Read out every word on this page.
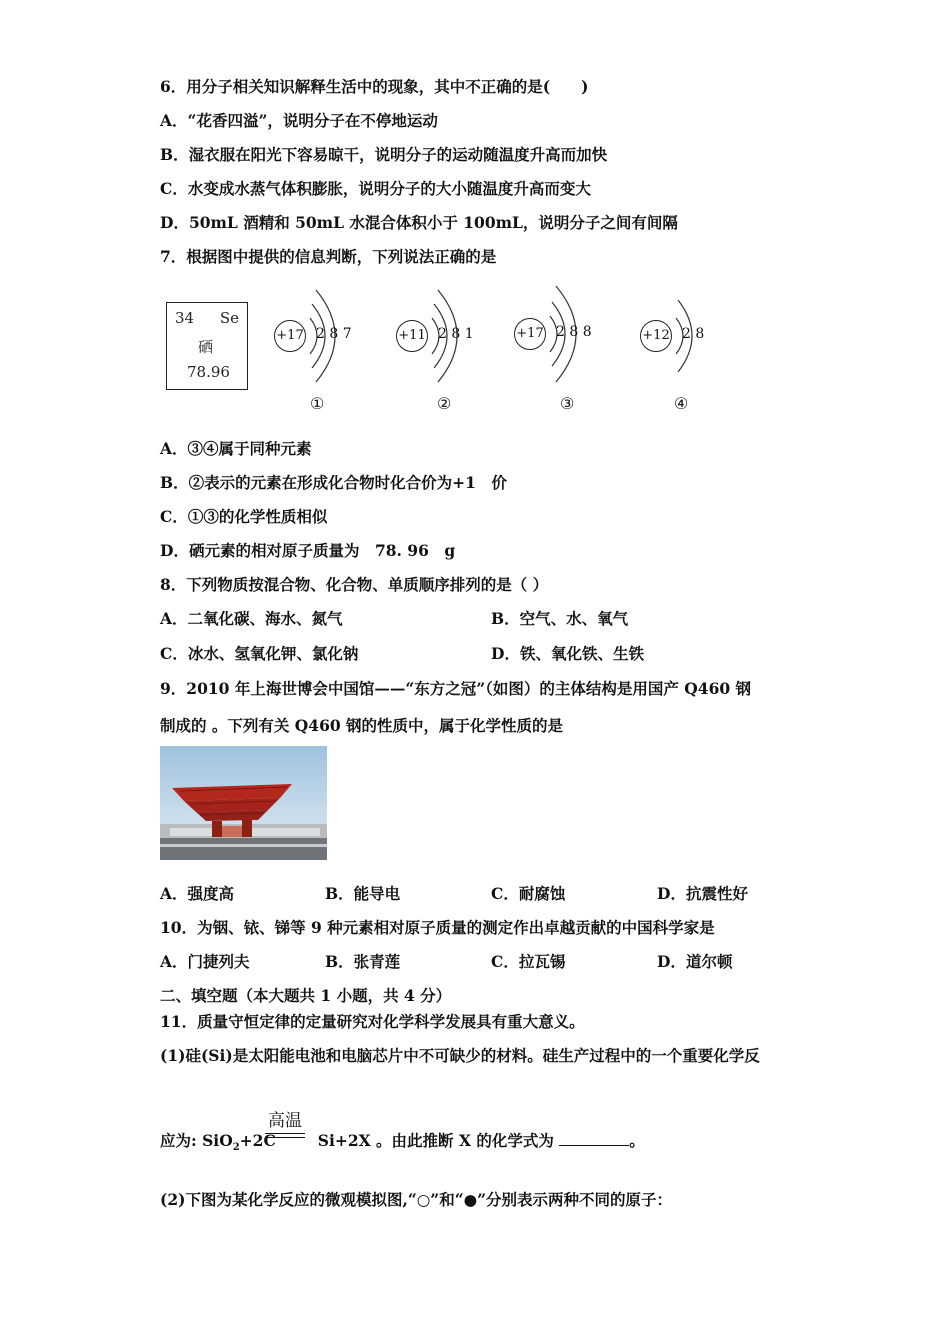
6．用分子相关知识解释生活中的现象，其中不正确的是(　　)
A．“花香四溢”，说明分子在不停地运动
B．湿衣服在阳光下容易晾干，说明分子的运动随温度升高而加快
C．水变成水蒸气体积膨胀，说明分子的大小随温度升高而变大
D．50mL 酒精和 50mL 水混合体积小于 100mL，说明分子之间有间隔
7．根据图中提供的信息判断，下列说法正确的是
34 Se
硒
78.96
+17 2 8 7
①
+11 2 8 1
②
+17 2 8 8
③
+12 2 8
④
A．③④属于同种元素
B．②表示的元素在形成化合物时化合价为+1　价
C．①③的化学性质相似
D．硒元素的相对原子质量为　78. 96　g
8．下列物质按混合物、化合物、单质顺序排列的是（ ）
A．二氧化碳、海水、氮气	B．空气、水、氧气
C．冰水、氢氧化钾、氯化钠	D．铁、氧化铁、生铁
9．2010 年上海世博会中国馆——“东方之冠”（如图）的主体结构是用国产 Q460 钢
制成的 。下列有关 Q460 钢的性质中，属于化学性质的是
A．强度高	B．能导电	C．耐腐蚀	D．抗震性好
10．为铟、铱、锑等 9 种元素相对原子质量的测定作出卓越贡献的中国科学家是
A．门捷列夫	B．张青莲	C．拉瓦锡	D．道尔顿
二、填空题（本大题共 1 小题，共 4 分）
11．质量守恒定律的定量研究对化学科学发展具有重大意义。
(1)硅(Si)是太阳能电池和电脑芯片中不可缺少的材料。硅生产过程中的一个重要化学反
高温
应为: SiO$_2$+2C	Si+2X 。由此推断 X 的化学式为	。
(2)下图为某化学反应的微观模拟图,“○”和“●”分别表示两种不同的原子：
